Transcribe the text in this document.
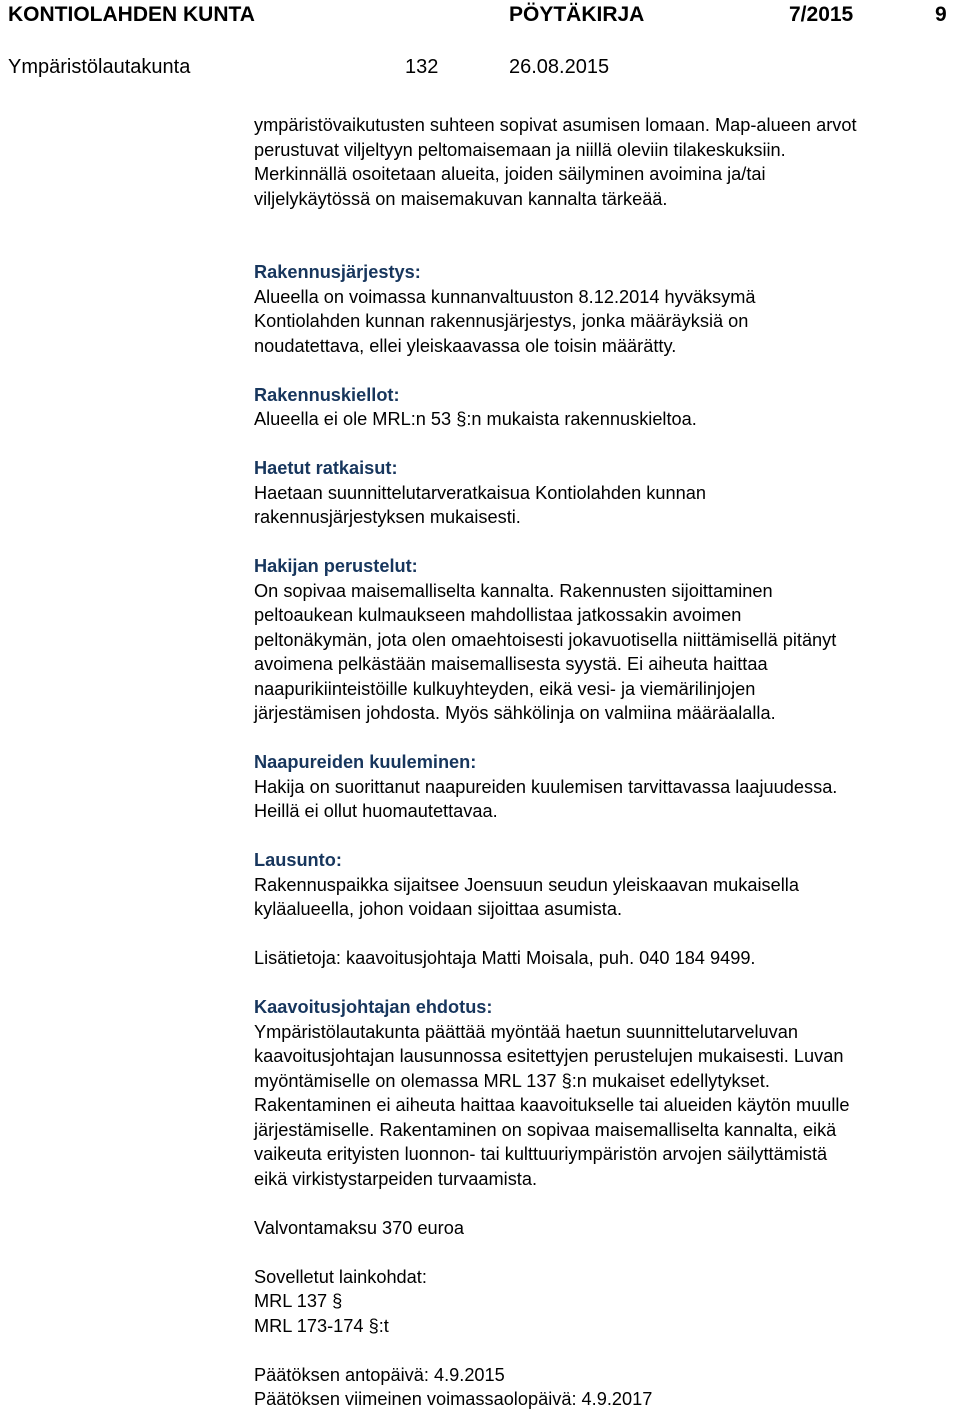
KONTIOLAHDEN KUNTA	PÖYTÄKIRJA	7/2015	9
Ympäristölautakunta	132	26.08.2015
ympäristövaikutusten suhteen sopivat asumisen lomaan. Map-alueen arvot
perustuvat viljeltyyn peltomaisemaan ja niillä oleviin tilakeskuksiin.
Merkinnällä osoitetaan alueita, joiden säilyminen avoimina ja/tai
viljelykäytössä on maisemakuvan kannalta tärkeää.
Rakennusjärjestys:
Alueella on voimassa kunnanvaltuuston 8.12.2014 hyväksymä
Kontiolahden kunnan rakennusjärjestys, jonka määräyksiä on
noudatettava, ellei yleiskaavassa ole toisin määrätty.
Rakennuskiellot:
Alueella ei ole MRL:n 53 §:n mukaista rakennuskieltoa.
Haetut ratkaisut:
Haetaan suunnittelutarveratkaisua Kontiolahden kunnan
rakennusjärjestyksen mukaisesti.
Hakijan perustelut:
On sopivaa maisemalliselta kannalta. Rakennusten sijoittaminen
peltoaukean kulmaukseen mahdollistaa jatkossakin avoimen
peltonäkymän, jota olen omaehtoisesti jokavuotisella niittämisellä pitänyt
avoimena pelkästään maisemallisesta syystä. Ei aiheuta haittaa
naapurikiinteistöille kulkuyhteyden, eikä vesi- ja viemärilinjojen
järjestämisen johdosta. Myös sähkölinja on valmiina määräalalla.
Naapureiden kuuleminen:
Hakija on suorittanut naapureiden kuulemisen tarvittavassa laajuudessa.
Heillä ei ollut huomautettavaa.
Lausunto:
Rakennuspaikka sijaitsee Joensuun seudun yleiskaavan mukaisella
kyläalueella, johon voidaan sijoittaa asumista.
Lisätietoja: kaavoitusjohtaja Matti Moisala, puh. 040 184 9499.
Kaavoitusjohtajan ehdotus:
Ympäristölautakunta päättää myöntää haetun suunnittelutarveluvan
kaavoitusjohtajan lausunnossa esitettyjen perustelujen mukaisesti. Luvan
myöntämiselle on olemassa MRL 137 §:n mukaiset edellytykset.
Rakentaminen ei aiheuta haittaa kaavoitukselle tai alueiden käytön muulle
järjestämiselle. Rakentaminen on sopivaa maisemalliselta kannalta, eikä
vaikeuta erityisten luonnon- tai kulttuuriympäristön arvojen säilyttämistä
eikä virkistystarpeiden turvaamista.
Valvontamaksu 370 euroa
Sovelletut lainkohdat:
MRL 137 §
MRL 173-174 §:t
Päätöksen antopäivä: 4.9.2015
Päätöksen viimeinen voimassaolopäivä: 4.9.2017
